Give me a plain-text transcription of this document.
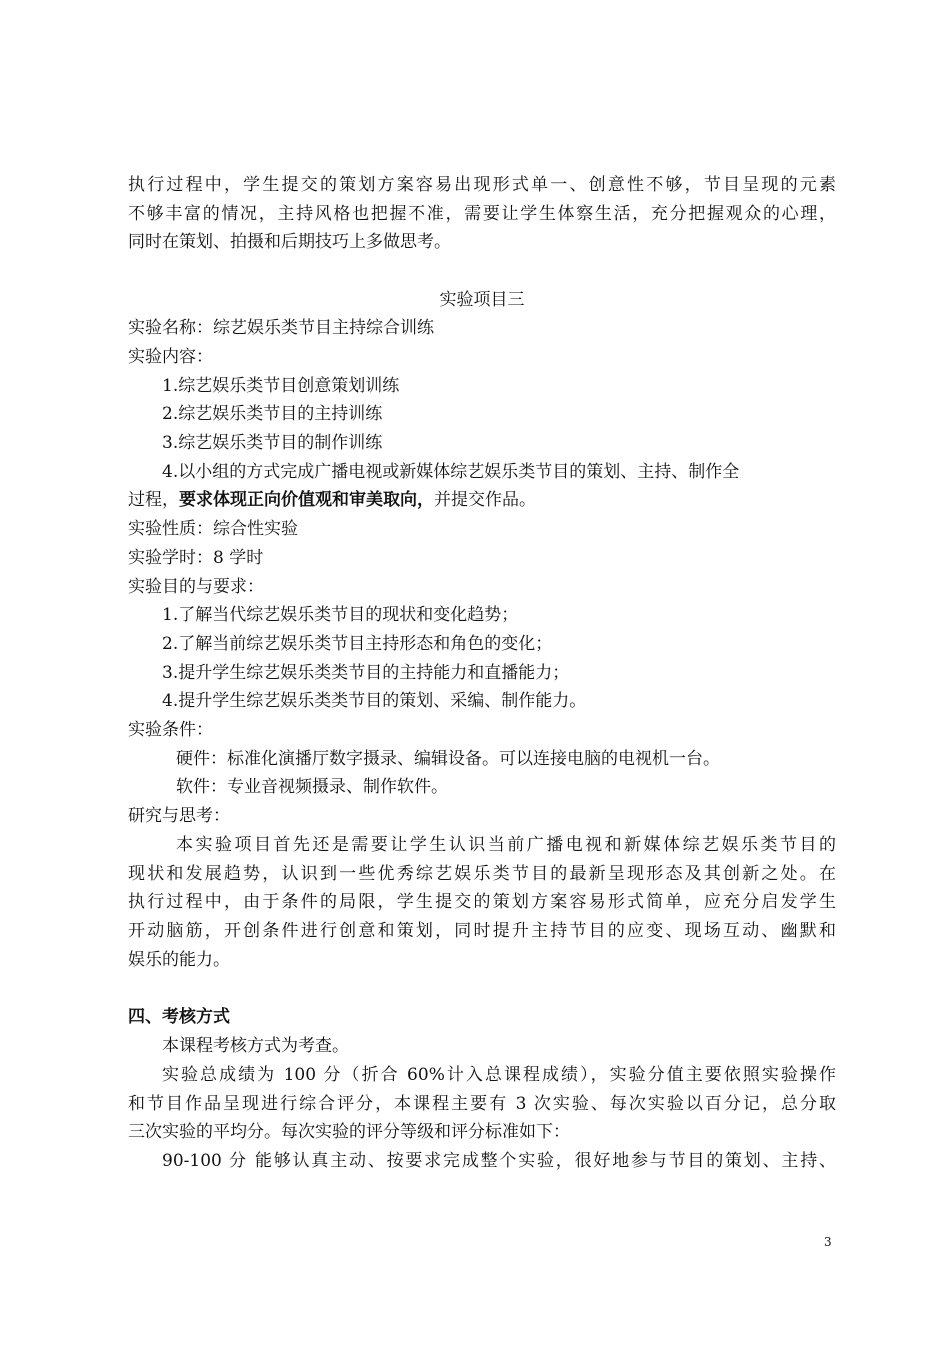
执行过程中，学生提交的策划方案容易出现形式单一、创意性不够，节目呈现的元素
不够丰富的情况，主持风格也把握不准，需要让学生体察生活，充分把握观众的心理，
同时在策划、拍摄和后期技巧上多做思考。
实验项目三
实验名称：综艺娱乐类节目主持综合训练
实验内容：
1.综艺娱乐类节目创意策划训练
2.综艺娱乐类节目的主持训练
3.综艺娱乐类节目的制作训练
4.以小组的方式完成广播电视或新媒体综艺娱乐类节目的策划、主持、制作全
过程，要求体现正向价值观和审美取向，并提交作品。
实验性质：综合性实验
实验学时：8 学时
实验目的与要求：
1.了解当代综艺娱乐类节目的现状和变化趋势；
2.了解当前综艺娱乐类节目主持形态和角色的变化；
3.提升学生综艺娱乐类类节目的主持能力和直播能力；
4.提升学生综艺娱乐类类节目的策划、采编、制作能力。
实验条件：
硬件：标准化演播厅数字摄录、编辑设备。可以连接电脑的电视机一台。
软件：专业音视频摄录、制作软件。
研究与思考：
本实验项目首先还是需要让学生认识当前广播电视和新媒体综艺娱乐类节目的
现状和发展趋势，认识到一些优秀综艺娱乐类节目的最新呈现形态及其创新之处。在
执行过程中，由于条件的局限，学生提交的策划方案容易形式简单，应充分启发学生
开动脑筋，开创条件进行创意和策划，同时提升主持节目的应变、现场互动、幽默和
娱乐的能力。
四、考核方式
本课程考核方式为考查。
实验总成绩为 100 分（折合 60%计入总课程成绩），实验分值主要依照实验操作
和节目作品呈现进行综合评分，本课程主要有 3 次实验、每次实验以百分记，总分取
三次实验的平均分。每次实验的评分等级和评分标准如下：
90-100 分 能够认真主动、按要求完成整个实验，很好地参与节目的策划、主持、
3
